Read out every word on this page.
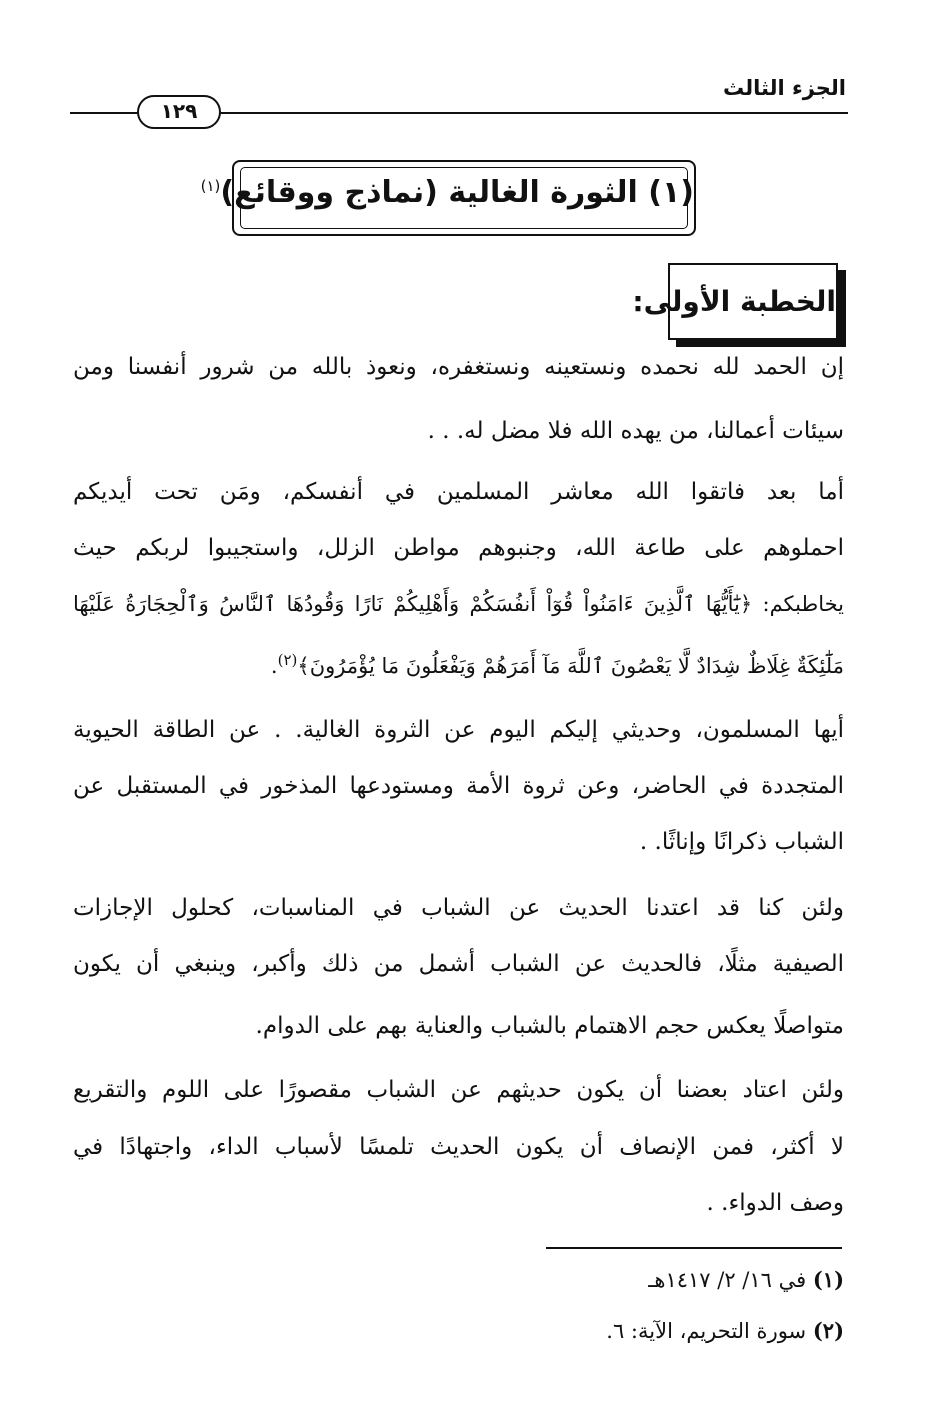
الجزء الثالث
١٢٩
(١) الثورة الغالية (نماذج ووقائع)$^{(١)}$
الخطبة الأولى:
إن الحمد لله نحمده ونستعينه ونستغفره، ونعوذ بالله من شرور أنفسنا ومن
سيئات أعمالنا، من يهده الله فلا مضل له. . .
أما بعد فاتقوا الله معاشر المسلمين في أنفسكم، ومَن تحت أيديكم
احملوهم على طاعة الله، وجنبوهم مواطن الزلل، واستجيبوا لربكم حيث
يخاطبكم: ﴿يَٰٓأَيُّهَا ٱلَّذِينَ ءَامَنُواْ قُوٓاْ أَنفُسَكُمْ وَأَهْلِيكُمْ نَارًا وَقُودُهَا ٱلنَّاسُ وَٱلْحِجَارَةُ عَلَيْهَا
مَلَٰٓئِكَةٌ غِلَاظٌ شِدَادٌ لَّا يَعْصُونَ ٱللَّهَ مَآ أَمَرَهُمْ وَيَفْعَلُونَ مَا يُؤْمَرُونَ﴾$^{(٢)}$.
أيها المسلمون، وحديثي إليكم اليوم عن الثروة الغالية. . عن الطاقة الحيوية
المتجددة في الحاضر، وعن ثروة الأمة ومستودعها المذخور في المستقبل عن
الشباب ذكرانًا وإناثًا. .
ولئن كنا قد اعتدنا الحديث عن الشباب في المناسبات، كحلول الإجازات
الصيفية مثلًا، فالحديث عن الشباب أشمل من ذلك وأكبر، وينبغي أن يكون
متواصلًا يعكس حجم الاهتمام بالشباب والعناية بهم على الدوام.
ولئن اعتاد بعضنا أن يكون حديثهم عن الشباب مقصورًا على اللوم والتقريع
لا أكثر، فمن الإنصاف أن يكون الحديث تلمسًا لأسباب الداء، واجتهادًا في
وصف الدواء. .
(١) في ١٦/ ٢/ ١٤١٧هـ
(٢) سورة التحريم، الآية: ٦.
